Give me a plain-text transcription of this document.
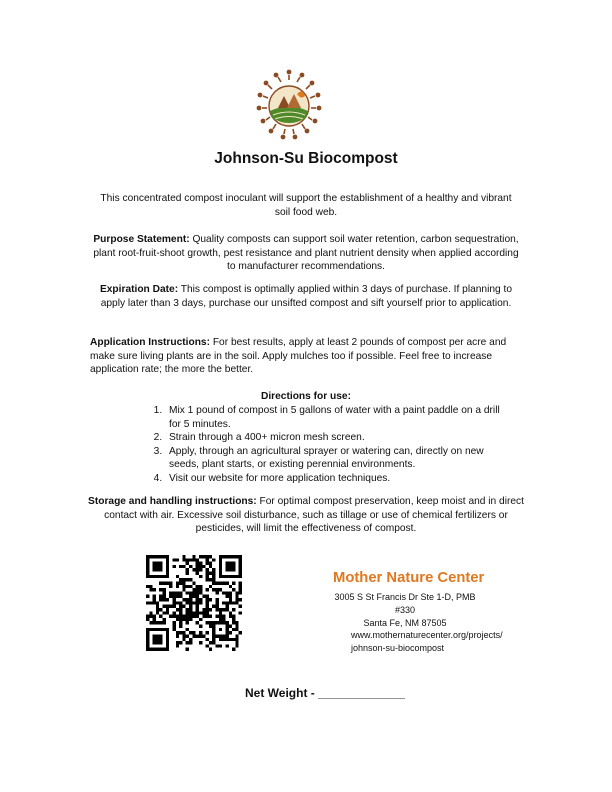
Johnson-Su Biocompost
This concentrated compost inoculant will support the establishment of a healthy and vibrant soil food web.
Purpose Statement: Quality composts can support soil water retention, carbon sequestration, plant root-fruit-shoot growth, pest resistance and plant nutrient density when applied according to manufacturer recommendations.
Expiration Date: This compost is optimally applied within 3 days of purchase. If planning to apply later than 3 days, purchase our unsifted compost and sift yourself prior to application.
Application Instructions: For best results, apply at least 2 pounds of compost per acre and make sure living plants are in the soil. Apply mulches too if possible. Feel free to increase application rate; the more the better.
Directions for use:
1. Mix 1 pound of compost in 5 gallons of water with a paint paddle on a drill for 5 minutes.
2. Strain through a 400+ micron mesh screen.
3. Apply, through an agricultural sprayer or watering can, directly on new seeds, plant starts, or existing perennial environments.
4. Visit our website for more application techniques.
Storage and handling instructions: For optimal compost preservation, keep moist and in direct contact with air. Excessive soil disturbance, such as tillage or use of chemical fertilizers or pesticides, will limit the effectiveness of compost.
Mother Nature Center
3005 S St Francis Dr Ste 1-D, PMB #330
Santa Fe, NM 87505
www.mothernaturecenter.org/projects/
johnson-su-biocompost
Net Weight - _____________
